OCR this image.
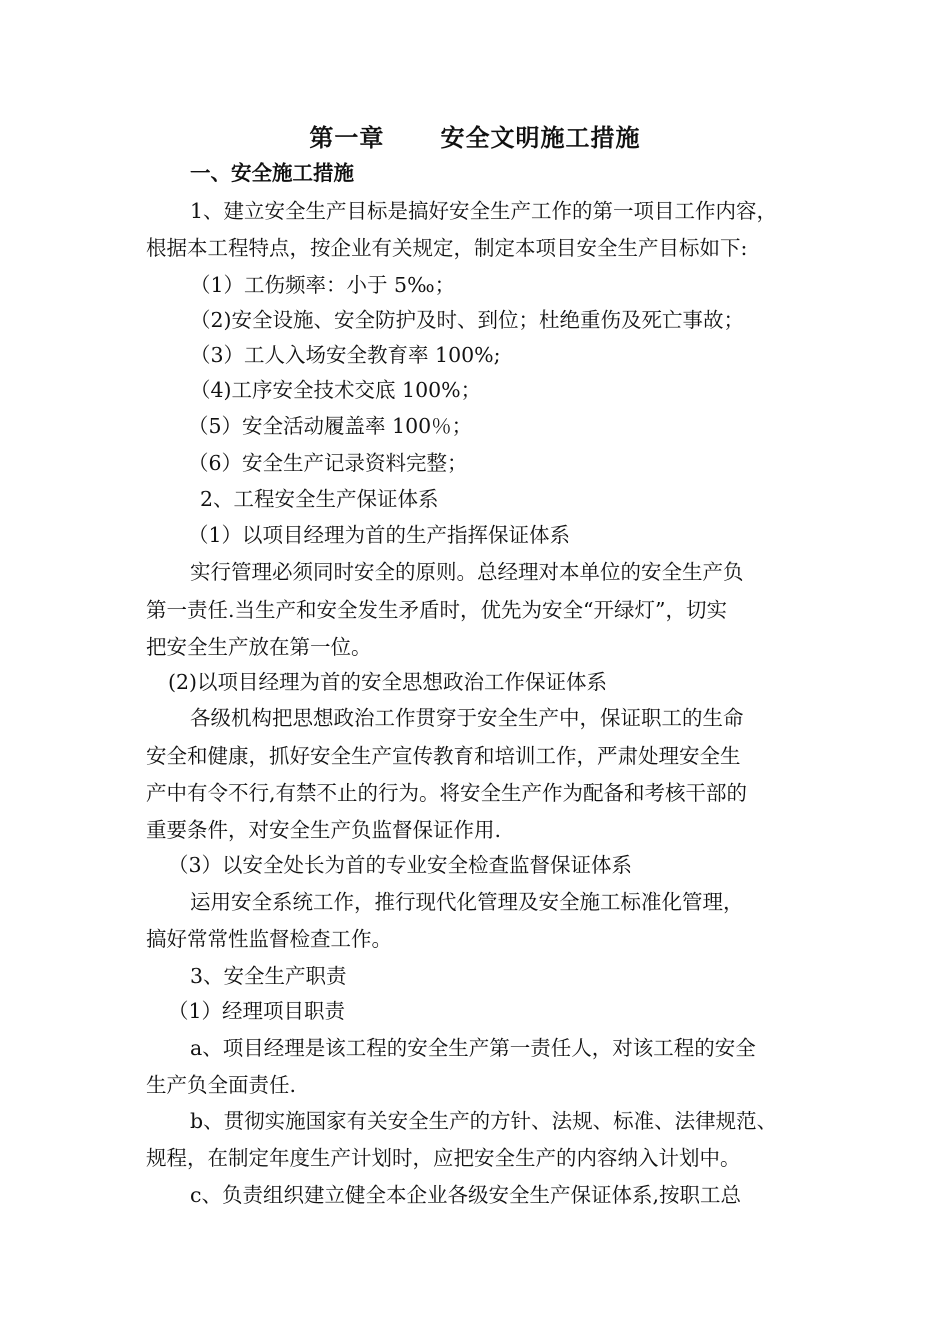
第一章      安全文明施工措施
一、安全施工措施
1、建立安全生产目标是搞好安全生产工作的第一项目工作内容，
根据本工程特点，按企业有关规定，制定本项目安全生产目标如下:
（1）工伤频率：小于 5‰；
（2)安全设施、安全防护及时、到位；杜绝重伤及死亡事故；
（3）工人入场安全教育率 100%;
（4)工序安全技术交底 100%；
（5）安全活动履盖率 100％；
（6）安全生产记录资料完整；
2、工程安全生产保证体系
（1）以项目经理为首的生产指挥保证体系
实行管理必须同时安全的原则。总经理对本单位的安全生产负
第一责任.当生产和安全发生矛盾时，优先为安全“开绿灯”，切实
把安全生产放在第一位。
(2)以项目经理为首的安全思想政治工作保证体系
各级机构把思想政治工作贯穿于安全生产中，保证职工的生命
安全和健康，抓好安全生产宣传教育和培训工作，严肃处理安全生
产中有令不行,有禁不止的行为。将安全生产作为配备和考核干部的
重要条件，对安全生产负监督保证作用.
（3）以安全处长为首的专业安全检查监督保证体系
运用安全系统工作，推行现代化管理及安全施工标准化管理，
搞好常常性监督检查工作。
3、安全生产职责
（1）经理项目职责
a、项目经理是该工程的安全生产第一责任人，对该工程的安全
生产负全面责任.
b、贯彻实施国家有关安全生产的方针、法规、标准、法律规范、
规程，在制定年度生产计划时，应把安全生产的内容纳入计划中。
c、负责组织建立健全本企业各级安全生产保证体系,按职工总
